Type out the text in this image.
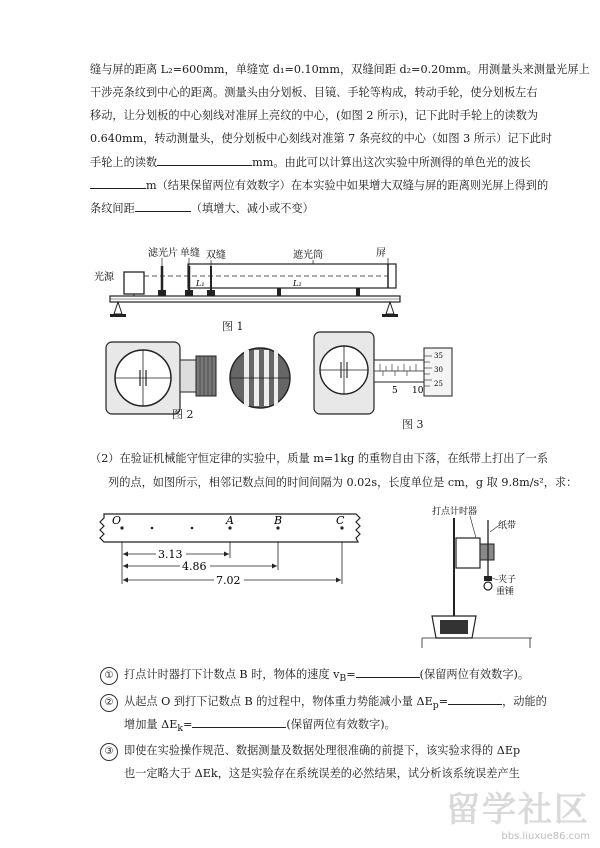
缝与屏的距离 L₂=600mm，单缝宽 d₁=0.10mm，双缝间距 d₂=0.20mm。用测量头来测量光屏上
干涉亮条纹到中心的距离。测量头由分划板、目镜、手轮等构成，转动手轮，使分划板左右
移动，让分划板的中心刻线对准屏上亮纹的中心，(如图 2 所示)，记下此时手轮上的读数为
0.640mm，转动测量头，使分划板中心刻线对准第 7 条亮纹的中心（如图 3 所示）记下此时
手轮上的读数	mm。由此可以计算出这次实验中所测得的单色光的波长
m（结果保留两位有效数字）在本实验中如果增大双缝与屏的距离则光屏上得到的
条纹间距	（填增大、减小或不变）
光源
滤光片 单缝 双缝	遮光筒	屏
L₁	L₂
图 1
图 2
5 10
35
30
25
图 3
（2）在验证机械能守恒定律的实验中，质量 m=1kg 的重物自由下落，在纸带上打出了一系
列的点，如图所示，相邻记数点间的时间间隔为 0.02s，长度单位是 cm，g 取 9.8m/s²，求：
O	A	B	C
3.13
4.86
7.02
打点计时器
纸带
夹子
重锤
① 打点计时器打下计数点 B 时，物体的速度 $v_B=$	(保留两位有效数字)。
② 从起点 O 到打下记数点 B 的过程中，物体重力势能减小量 $\Delta E_p=$	，动能的
增加量 $\Delta E_k=$	(保留两位有效数字)。
③ 即使在实验操作规范、数据测量及数据处理很准确的前提下，该实验求得的 ΔEp
也一定略大于 ΔEk，这是实验存在系统误差的必然结果，试分析该系统误差产生
留学社区
bbs.liuxue86.com
